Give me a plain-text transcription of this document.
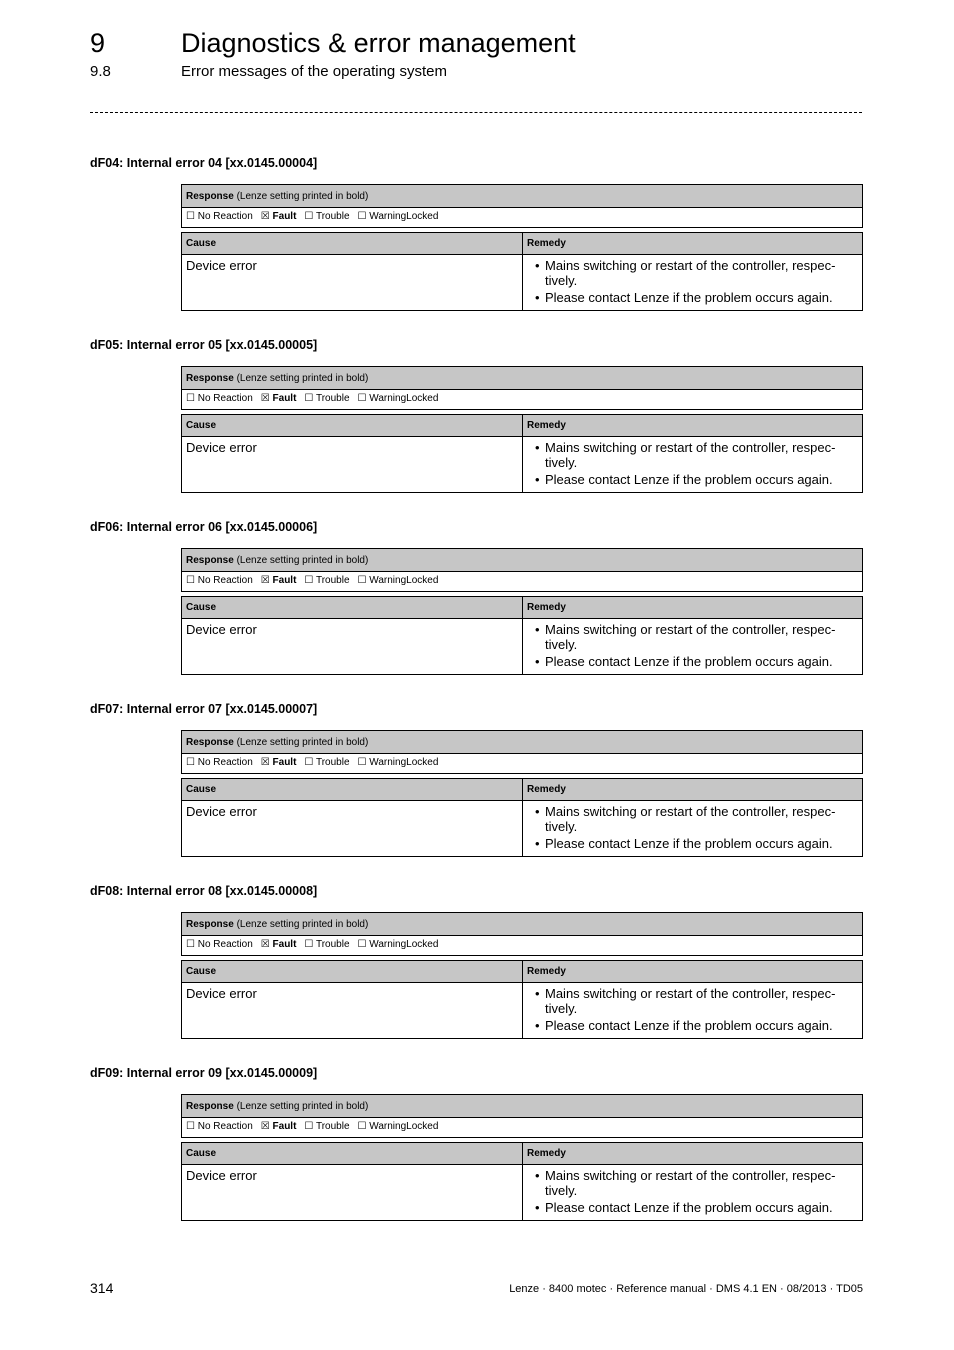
9	Diagnostics & error management
9.8	Error messages of the operating system
dF04: Internal error 04 [xx.0145.00004]
Response (Lenze setting printed in bold)
☐ No Reaction ☒ Fault ☐ Trouble ☐ WarningLocked
Cause	Remedy
Device error	• Mains switching or restart of the controller, respec-
tively.
• Please contact Lenze if the problem occurs again.
dF05: Internal error 05 [xx.0145.00005]
Response (Lenze setting printed in bold)
☐ No Reaction ☒ Fault ☐ Trouble ☐ WarningLocked
Cause	Remedy
Device error	• Mains switching or restart of the controller, respec-
tively.
• Please contact Lenze if the problem occurs again.
dF06: Internal error 06 [xx.0145.00006]
Response (Lenze setting printed in bold)
☐ No Reaction ☒ Fault ☐ Trouble ☐ WarningLocked
Cause	Remedy
Device error	• Mains switching or restart of the controller, respec-
tively.
• Please contact Lenze if the problem occurs again.
dF07: Internal error 07 [xx.0145.00007]
Response (Lenze setting printed in bold)
☐ No Reaction ☒ Fault ☐ Trouble ☐ WarningLocked
Cause	Remedy
Device error	• Mains switching or restart of the controller, respec-
tively.
• Please contact Lenze if the problem occurs again.
dF08: Internal error 08 [xx.0145.00008]
Response (Lenze setting printed in bold)
☐ No Reaction ☒ Fault ☐ Trouble ☐ WarningLocked
Cause	Remedy
Device error	• Mains switching or restart of the controller, respec-
tively.
• Please contact Lenze if the problem occurs again.
dF09: Internal error 09 [xx.0145.00009]
Response (Lenze setting printed in bold)
☐ No Reaction ☒ Fault ☐ Trouble ☐ WarningLocked
Cause	Remedy
Device error	• Mains switching or restart of the controller, respec-
tively.
• Please contact Lenze if the problem occurs again.
314	Lenze · 8400 motec · Reference manual · DMS 4.1 EN · 08/2013 · TD05
